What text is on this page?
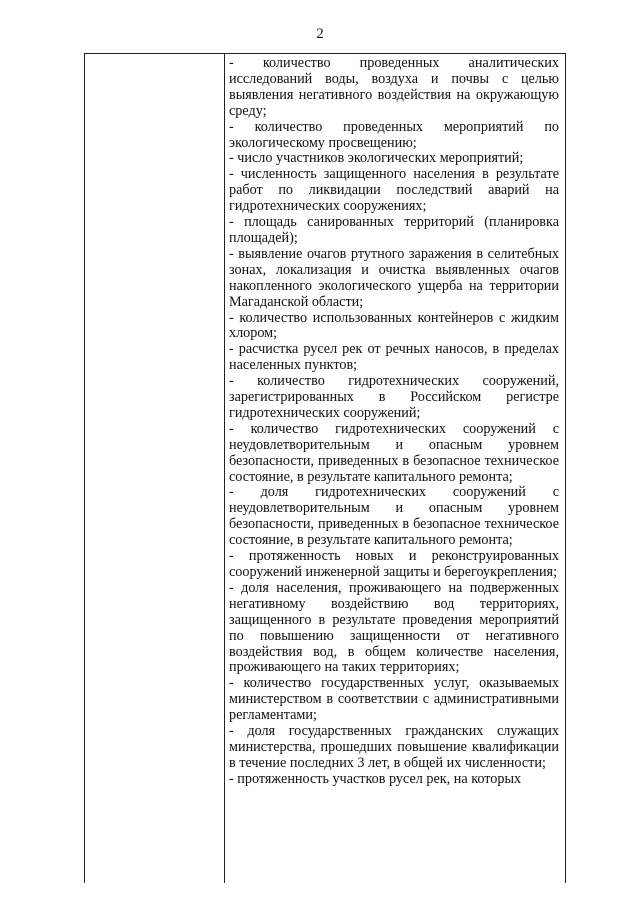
2

- количество проведенных аналитических исследований воды, воздуха и почвы с целью выявления негативного воздействия на окружающую среду;

- количество проведенных мероприятий по экологическому просвещению;

- число участников экологических мероприятий;

- численность защищенного населения в результате работ по ликвидации последствий аварий на гидротехнических сооружениях;

- площадь санированных территорий (планировка площадей);

- выявление очагов ртутного заражения в селитебных зонах, локализация и очистка выявленных очагов накопленного экологического ущерба на территории Магаданской области;

- количество использованных контейнеров с жидким хлором;

- расчистка русел рек от речных наносов, в пределах населенных пунктов;

- количество гидротехнических сооружений, зарегистрированных в Российском регистре гидротехнических сооружений;

- количество гидротехнических сооружений с неудовлетворительным и опасным уровнем безопасности, приведенных в безопасное техническое состояние, в результате капитального ремонта;

- доля гидротехнических сооружений с неудовлетворительным и опасным уровнем безопасности, приведенных в безопасное техническое состояние, в результате капитального ремонта;

- протяженность новых и реконструированных сооружений инженерной защиты и берегоукрепления;

- доля населения, проживающего на подверженных негативному воздействию вод территориях, защищенного в результате проведения мероприятий по повышению защищенности от негативного воздействия вод, в общем количестве населения, проживающего на таких территориях;

- количество государственных услуг, оказываемых министерством в соответствии с административными регламентами;

- доля государственных гражданских служащих министерства, прошедших повышение квалификации в течение последних 3 лет, в общей их численности;

- протяженность участков русел рек, на которых
